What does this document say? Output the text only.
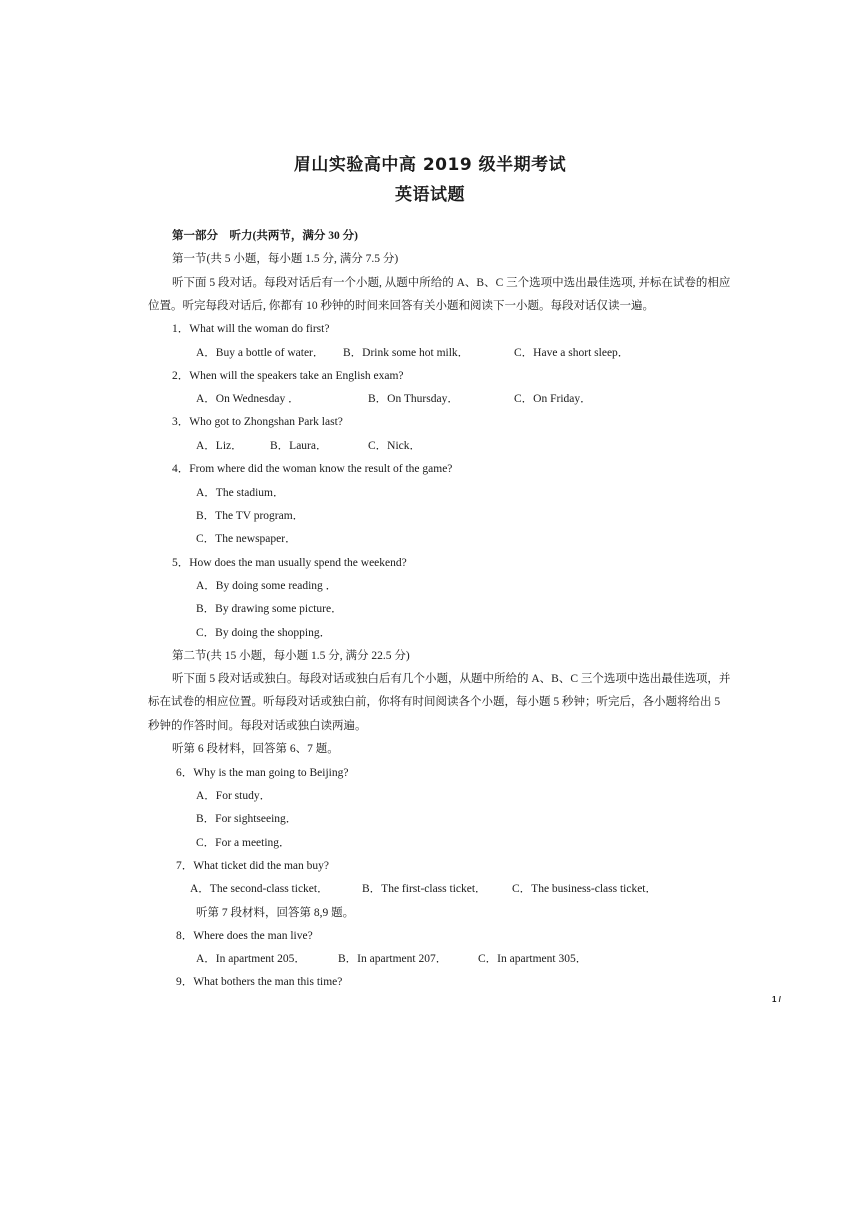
眉山实验高中高 2019 级半期考试
英语试题
第一部分　听力(共两节，满分 30 分)
第一节(共 5 小题，每小题 1.5 分, 满分 7.5 分)
听下面 5 段对话。每段对话后有一个小题, 从题中所给的 A、B、C 三个选项中选出最佳选项, 并标在试卷的相应
位置。听完每段对话后, 你都有 10 秒钟的时间来回答有关小题和阅读下一小题。每段对话仅读一遍。
1．What will the woman do first?
A．Buy a bottle of water． B．Drink some hot milk．	C．Have a short sleep．
2．When will the speakers take an English exam?
A．On Wednesday ．	B．On Thursday．	C．On Friday．
3．Who got to Zhongshan Park last?
A．Liz． B．Laura．	C．Nick．
4．From where did the woman know the result of the game?
A．The stadium．
B．The TV program．
C．The newspaper．
5．How does the man usually spend the weekend?
A．By doing some reading ．
B．By drawing some picture．
C．By doing the shopping．
第二节(共 15 小题，每小题 1.5 分, 满分 22.5 分)
听下面 5 段对话或独白。每段对话或独白后有几个小题，从题中所给的 A、B、C 三个选项中选出最佳选项，并
标在试卷的相应位置。听每段对话或独白前，你将有时间阅读各个小题，每小题 5 秒钟；听完后，各小题将给出 5
秒钟的作答时间。每段对话或独白读两遍。
听第 6 段材料，回答第 6、7 题。
6．Why is the man going to Beijing?
A．For study．
B．For sightseeing．
C．For a meeting．
7．What ticket did the man buy?
A．The second-class ticket．	B．The first-class ticket． C．The business-class ticket．
听第 7 段材料，回答第 8,9 题。
8．Where does the man live?
A．In apartment 205．	B．In apartment 207．	C．In apartment 305．
9．What bothers the man this time?
1 /
